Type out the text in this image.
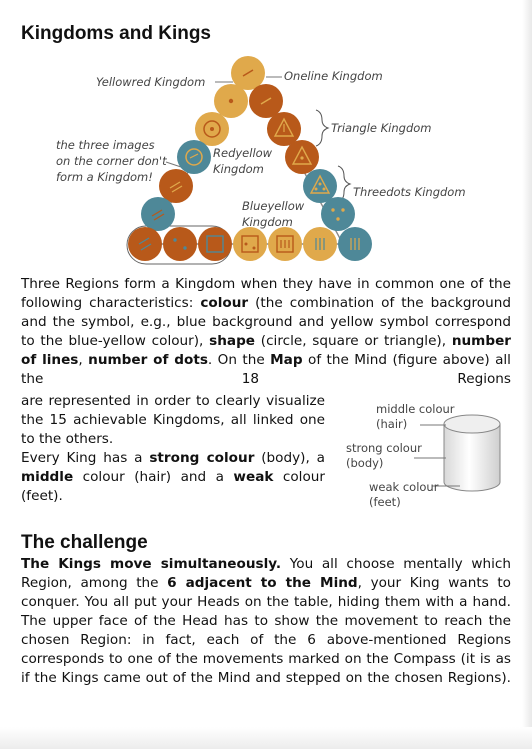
Kingdoms and Kings
Yellowred Kingdom	Oneline Kingdom
Triangle Kingdom
Redyellow
Kingdom
Threedots Kingdom
Blueyellow
Kingdom
the three images
on the corner don't
form a Kingdom!

Three Regions form a Kingdom when they have in common one of the following characteristics: colour (the combination of the background and the symbol, e.g., blue background and yellow symbol correspond to the blue-yellow colour), shape (circle, square or triangle), number of lines, number of dots. On the Map of the Mind (figure above) all the 18 Regions

are represented in order to clearly visualize the 15 achievable Kingdoms, all linked one to the others.
Every King has a strong colour (body), a middle colour (hair) and a weak colour (feet).

middle colour
(hair)
strong colour
(body)
weak colour
(feet)
The challenge

The Kings move simultaneously. You all choose mentally which Region, among the 6 adjacent to the Mind, your King wants to conquer. You all put your Heads on the table, hiding them with a hand. The upper face of the Head has to show the movement to reach the chosen Region: in fact, each of the 6 above-mentioned Regions corresponds to one of the movements marked on the Compass (it is as if the Kings came out of the Mind and stepped on the chosen Regions).
